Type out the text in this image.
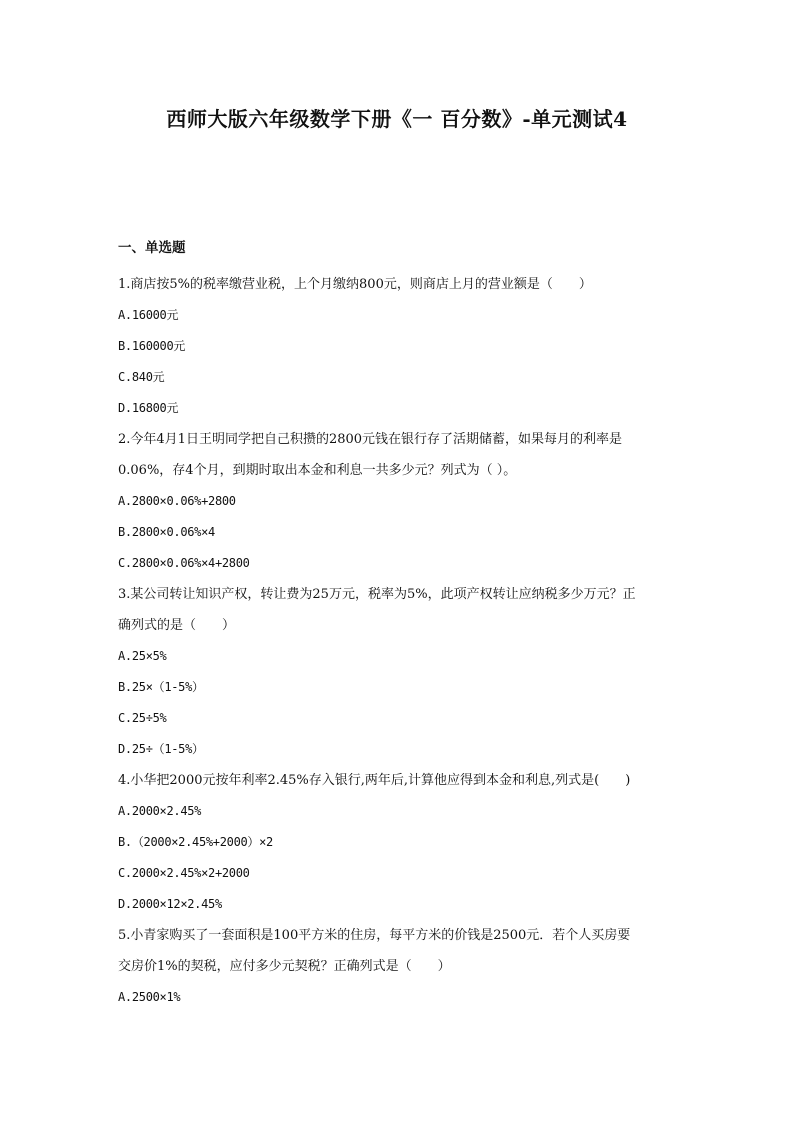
西师大版六年级数学下册《一 百分数》-单元测试4
一、单选题
1.商店按5%的税率缴营业税，上个月缴纳800元，则商店上月的营业额是（　　）
A.16000元
B.160000元
C.840元
D.16800元
2.今年4月1日王明同学把自己积攒的2800元钱在银行存了活期储蓄，如果每月的利率是
0.06%，存4个月，到期时取出本金和利息一共多少元？列式为（ ）。
A.2800×0.06%+2800
B.2800×0.06%×4
C.2800×0.06%×4+2800
3.某公司转让知识产权，转让费为25万元，税率为5%，此项产权转让应纳税多少万元？正
确列式的是（　　）
A.25×5%
B.25×（1-5%）
C.25÷5%
D.25÷（1-5%）
4.小华把2000元按年利率2.45%存入银行,两年后,计算他应得到本金和利息,列式是(　　)
A.2000×2.45%
B.（2000×2.45%+2000）×2
C.2000×2.45%×2+2000
D.2000×12×2.45%
5.小青家购买了一套面积是100平方米的住房，每平方米的价钱是2500元．若个人买房要
交房价1%的契税，应付多少元契税？正确列式是（　　）
A.2500×1%
